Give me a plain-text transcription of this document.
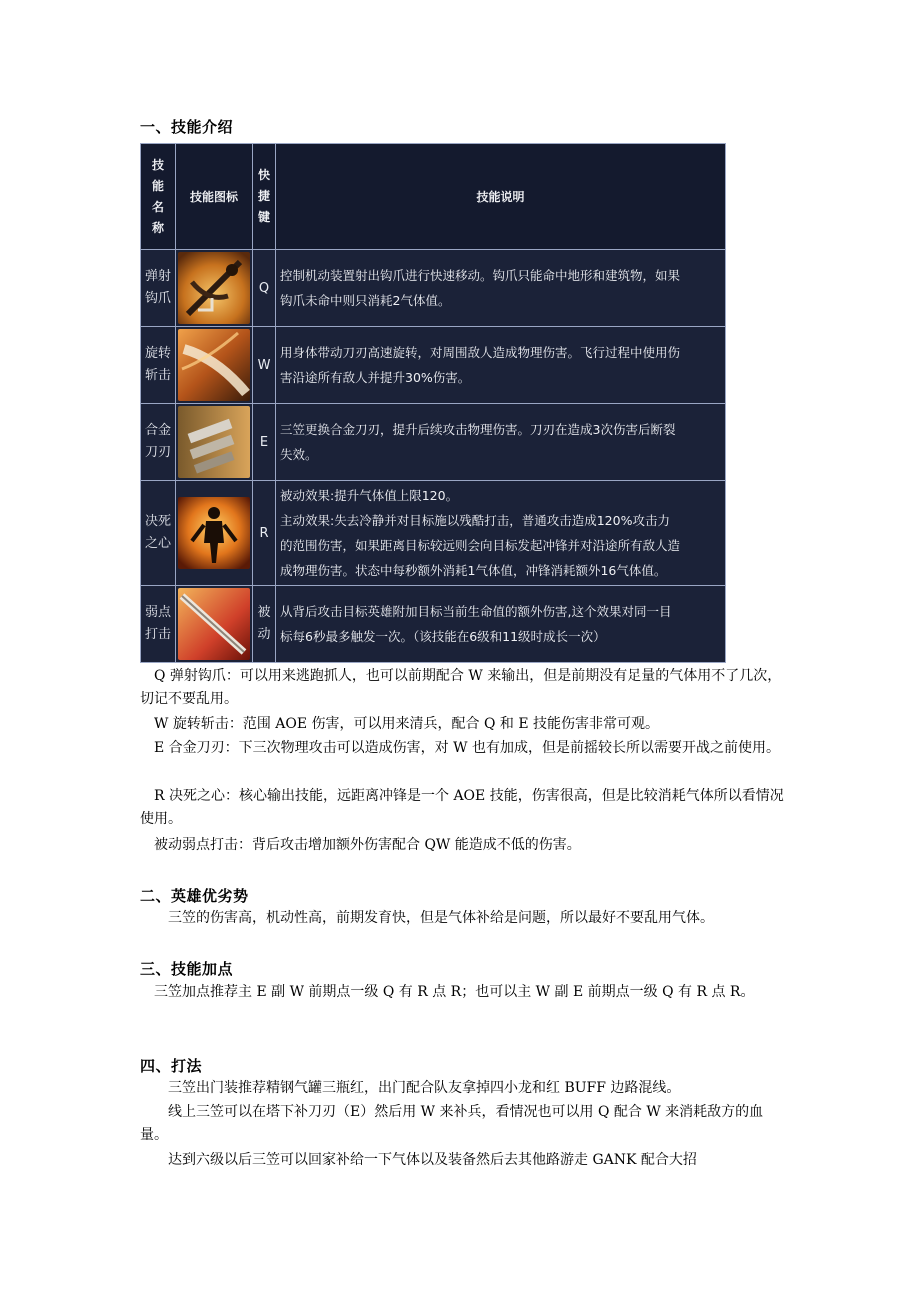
一、技能介绍
技
能
名
称	技能图标	快
捷
键	技能说明

弹射
钩爪		Q	控制机动装置射出钩爪进行快速移动。钩爪只能命中地形和建筑物，如果
钩爪未命中则只消耗2气体值。

旋转
斩击		W	用身体带动刀刃高速旋转，对周围敌人造成物理伤害。飞行过程中使用伤
害沿途所有敌人并提升30%伤害。

合金
刀刃		E	三笠更换合金刀刃，提升后续攻击物理伤害。刀刃在造成3次伤害后断裂
失效。

决死
之心		R	被动效果:提升气体值上限120。
主动效果:失去冷静并对目标施以残酷打击，普通攻击造成120%攻击力
的范围伤害，如果距离目标较远则会向目标发起冲锋并对沿途所有敌人造
成物理伤害。状态中每秒额外消耗1气体值，冲锋消耗额外16气体值。

弱点
打击		被
动	从背后攻击目标英雄附加目标当前生命值的额外伤害,这个效果对同一目
标每6秒最多触发一次。（该技能在6级和11级时成长一次）

Q 弹射钩爪：可以用来逃跑抓人，也可以前期配合 W 来输出，但是前期没有足量的气体用不了几次，切记不要乱用。

W 旋转斩击：范围 AOE 伤害，可以用来清兵，配合 Q 和 E 技能伤害非常可观。

E 合金刀刃：下三次物理攻击可以造成伤害，对 W 也有加成，但是前摇较长所以需要开战之前使用。

R 决死之心：核心输出技能，远距离冲锋是一个 AOE 技能，伤害很高，但是比较消耗气体所以看情况使用。

被动弱点打击：背后攻击增加额外伤害配合 QW 能造成不低的伤害。

二、英雄优劣势

三笠的伤害高，机动性高，前期发育快，但是气体补给是问题，所以最好不要乱用气体。

三、技能加点

三笠加点推荐主 E 副 W 前期点一级 Q 有 R 点 R；也可以主 W 副 E 前期点一级 Q 有 R 点 R。

四、打法

三笠出门装推荐精钢气罐三瓶红，出门配合队友拿掉四小龙和红 BUFF 边路混线。

线上三笠可以在塔下补刀刃（E）然后用 W 来补兵，看情况也可以用 Q 配合 W 来消耗敌方的血量。

达到六级以后三笠可以回家补给一下气体以及装备然后去其他路游走 GANK 配合大招
